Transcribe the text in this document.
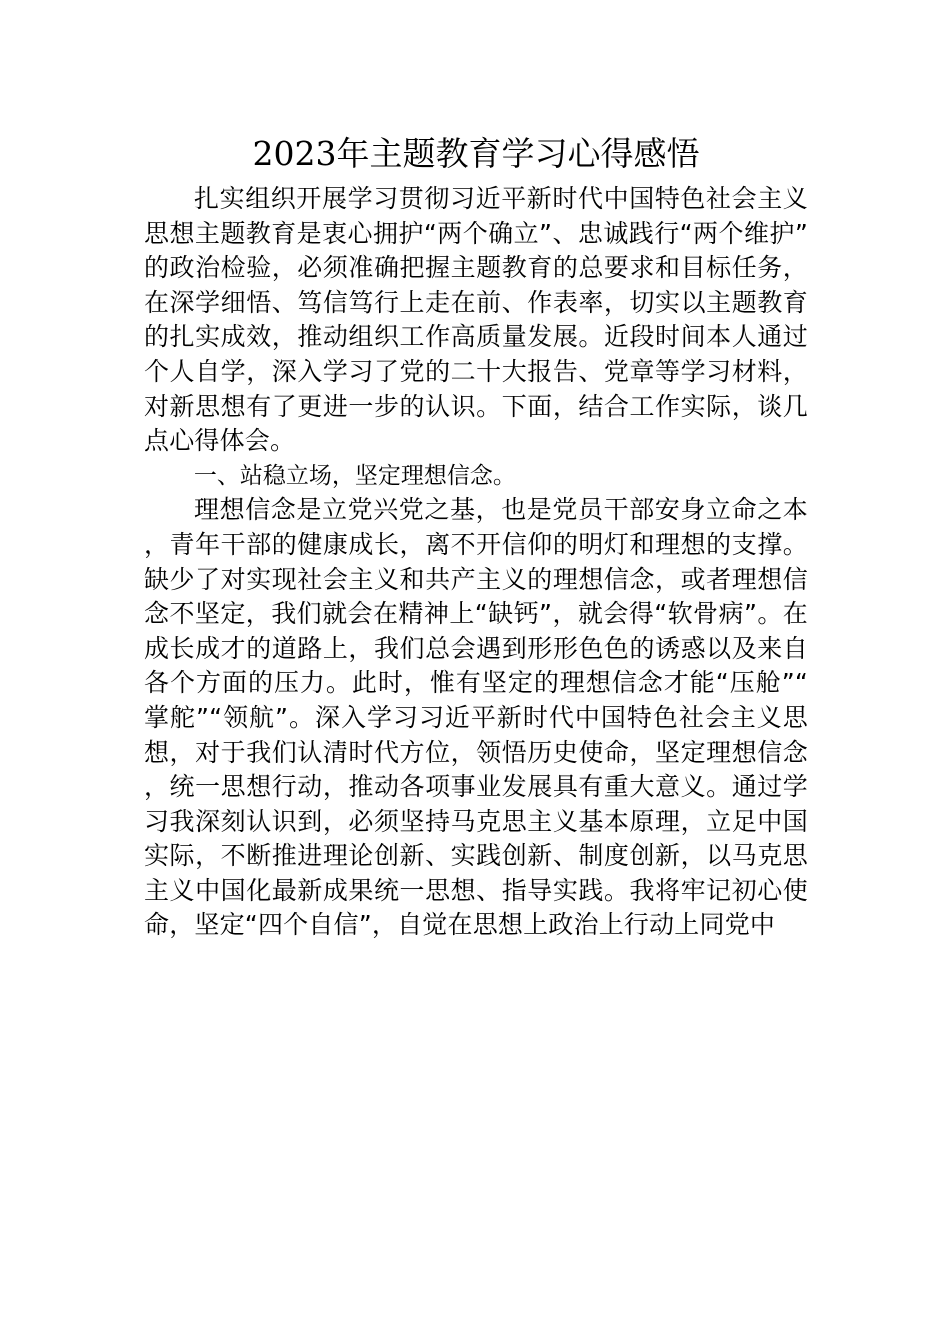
2023年主题教育学习心得感悟

扎实组织开展学习贯彻习近平新时代中国特色社会主义思想主题教育是衷心拥护“两个确立”、忠诚践行“两个维护”的政治检验，必须准确把握主题教育的总要求和目标任务，在深学细悟、笃信笃行上走在前、作表率，切实以主题教育的扎实成效，推动组织工作高质量发展。近段时间本人通过个人自学，深入学习了党的二十大报告、党章等学习材料，对新思想有了更进一步的认识。下面，结合工作实际，谈几点心得体会。

一、站稳立场，坚定理想信念。

理想信念是立党兴党之基，也是党员干部安身立命之本，青年干部的健康成长，离不开信仰的明灯和理想的支撑。缺少了对实现社会主义和共产主义的理想信念，或者理想信念不坚定，我们就会在精神上“缺钙”，就会得“软骨病”。在成长成才的道路上，我们总会遇到形形色色的诱惑以及来自各个方面的压力。此时，惟有坚定的理想信念才能“压舱”“掌舵”“领航”。深入学习习近平新时代中国特色社会主义思想，对于我们认清时代方位，领悟历史使命，坚定理想信念，统一思想行动，推动各项事业发展具有重大意义。通过学习我深刻认识到，必须坚持马克思主义基本原理，立足中国实际，不断推进理论创新、实践创新、制度创新，以马克思主义中国化最新成果统一思想、指导实践。我将牢记初心使命，坚定“四个自信”，自觉在思想上政治上行动上同党中
